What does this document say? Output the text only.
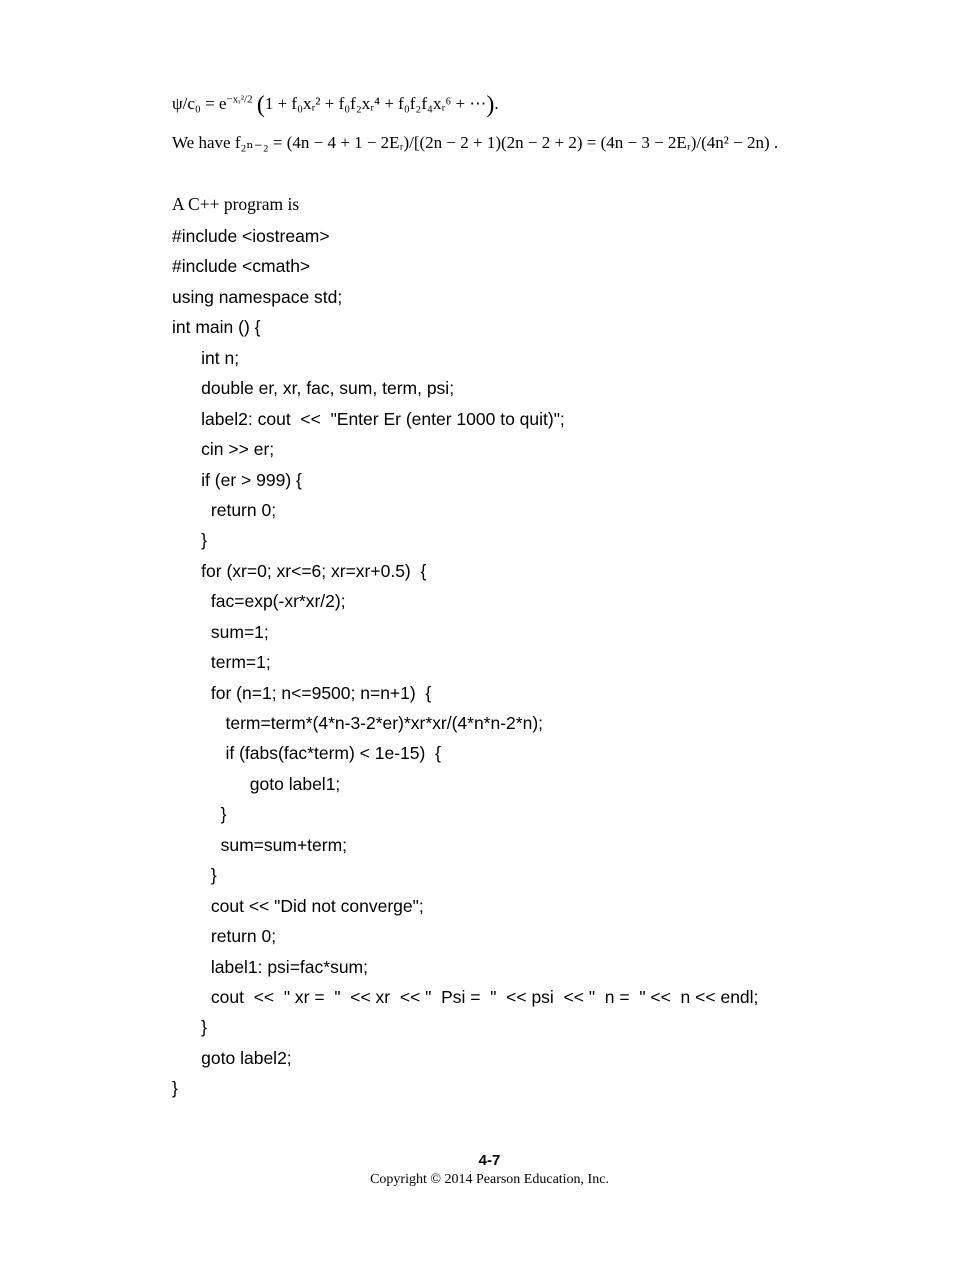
$\psi/c_0 = e^{-xᵣ^2/2}$ (1 + f₀xᵣ² + f₀f₂xᵣ⁴ + f₀f₂f₄xᵣ⁶ + ⋯).
We have f₂ₙ₋₂ = (4n − 4 + 1 − 2Eᵣ)/[(2n − 2 + 1)(2n − 2 + 2) = (4n − 3 − 2Eᵣ)/(4n² − 2n) .
A C++ program is
#include <iostream>
#include <cmath>
using namespace std;
int main () {
int n;
double er, xr, fac, sum, term, psi;
label2: cout  <<  "Enter Er (enter 1000 to quit)";
cin >> er;
if (er > 999) {
return 0;
}
for (xr=0; xr<=6; xr=xr+0.5)  {
fac=exp(-xr*xr/2);
sum=1;
term=1;
for (n=1; n<=9500; n=n+1)  {
term=term*(4*n-3-2*er)*xr*xr/(4*n*n-2*n);
if (fabs(fac*term) < 1e-15)  {
goto label1;
}
sum=sum+term;
}
cout << "Did not converge";
return 0;
label1: psi=fac*sum;
cout  <<  " xr =  "  << xr  << "  Psi =  "  << psi  << "  n =  " <<  n << endl;
}
goto label2;
}
4-7
Copyright © 2014 Pearson Education, Inc.
